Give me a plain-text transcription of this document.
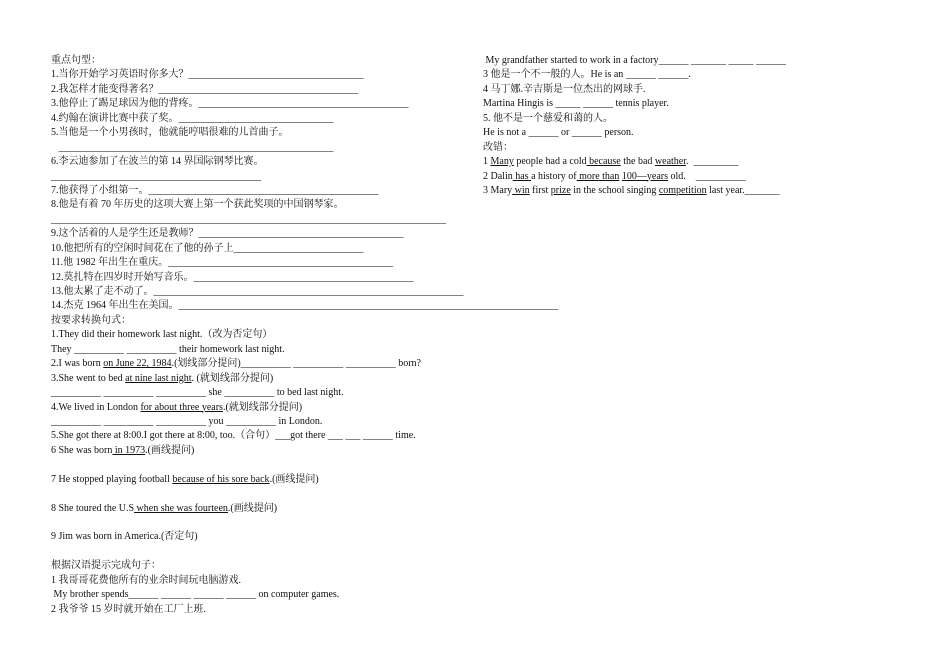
重点句型：
1.当你开始学习英语时你多大？___________________________________
2.我怎样才能变得著名？________________________________________
3.他停止了踢足球因为他的背疼。__________________________________________
4.约翰在演讲比赛中获了奖。_______________________________
5.当他是一个小男孩时，他就能哼唱很难的儿首曲子。
_______________________________________________________
6.李云迪参加了在波兰的第 14 界国际钢琴比赛。
__________________________________________
7.他获得了小组第一。______________________________________________
8.他是有着 70 年历史的这项大赛上第一个获此奖项的中国钢琴家。
_______________________________________________________________________________
9.这个活着的人是学生还是教师？_________________________________________
10.他把所有的空闲时间花在了他的孙子上__________________________
11.他 1982 年出生在重庆。_____________________________________________
12.莫扎特在四岁时开始写音乐。____________________________________________
13.他太累了走不动了。______________________________________________________________
14.杰克 1964 年出生在美国。____________________________________________________________________________
按要求转换句式：
1.They did their homework last night.（改为否定句）
They __________ __________ their homework last night.
2.I was born on June 22, 1984.(划线部分提问)__________ __________ __________ born?
3.She went to bed at nine last night. (就划线部分提问)
__________ __________ __________ she __________ to bed last night.
4.We lived in London for about three years.(就划线部分提问)
__________ __________ __________ you __________ in London.
5.She got there at 8:00.I got there at 8:00, too.（合句）___got there ___ ___ ______ time.
6 She was born in 1973.(画线提问)
7 He stopped playing football because of his sore back.(画线提问)
8 She toured the U.S when she was fourteen.(画线提问)
9 Jim was born in America.(否定句)
根据汉语提示完成句子：
1 我哥哥花费他所有的业余时间玩电脑游戏.
My brother spends______ ______ ______ ______ on computer games.
2 我爷爷 15 岁时就开始在工厂上班.
My grandfather started to work in a factory______ _______ _____ ______
3 他是一个不一般的人。He is an ______ ______.
4 马丁娜.辛吉斯是一位杰出的网球手.
Martina Hingis is _____ ______ tennis player.
5. 他不是一个慈爱和蔼的人。
He is not a ______ or ______ person.
改错：
1 Many people had a cold because the bad weather.  _________
2 Dalin has a history of more than 100—years old.    __________
3 Mary win first prize in the school singing competition last year._______
